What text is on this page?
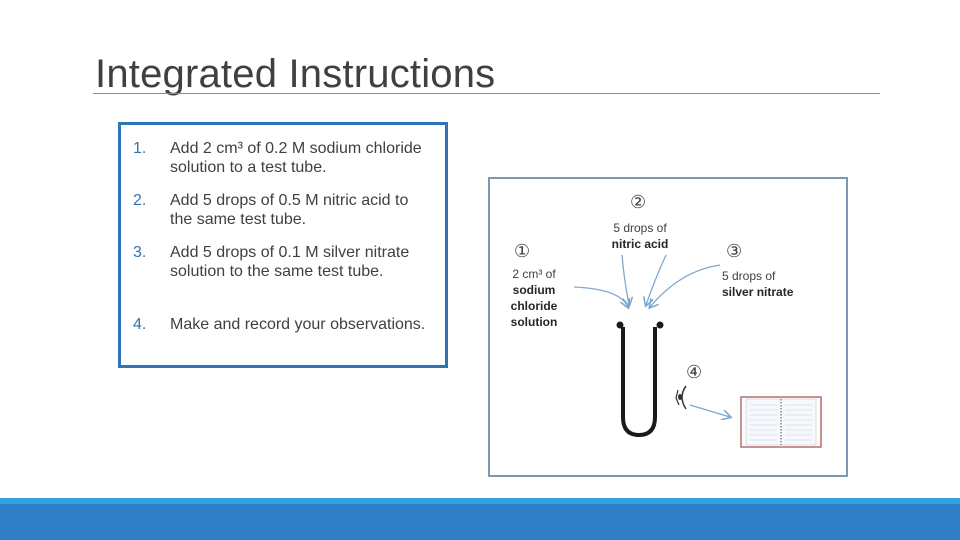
Integrated Instructions
1.	Add 2 cm³ of 0.2 M sodium chloride solution to a test tube.
2.	Add 5 drops of 0.5 M nitric acid to the same test tube.
3.	Add 5 drops of 0.1 M silver nitrate solution to the same test tube.
4.	Make and record your observations.
①
2 cm³ of
sodium
chloride
solution
②
5 drops of
nitric acid	③
5 drops of
silver nitrate
④
